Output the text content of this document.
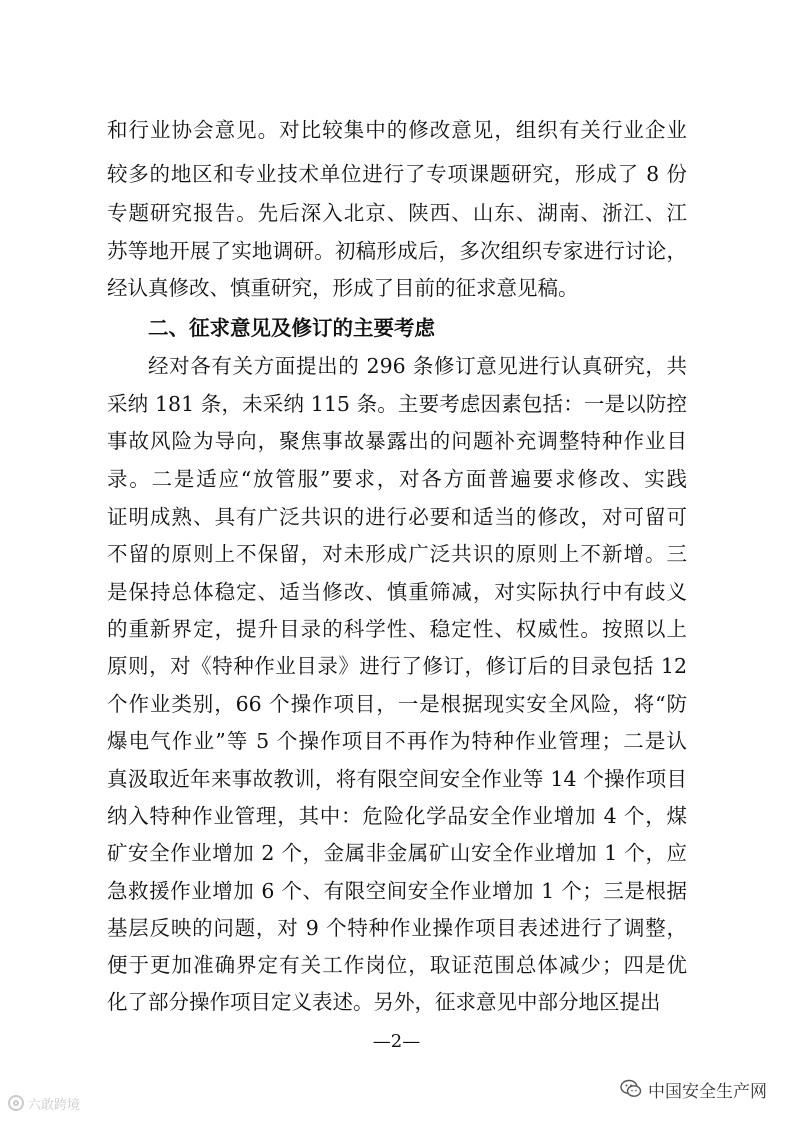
和行业协会意见。对比较集中的修改意见，组织有关行业企业
较多的地区和专业技术单位进行了专项课题研究，形成了 8 份
专题研究报告。先后深入北京、陕西、山东、湖南、浙江、江
苏等地开展了实地调研。初稿形成后，多次组织专家进行讨论，
经认真修改、慎重研究，形成了目前的征求意见稿。
二、征求意见及修订的主要考虑
经对各有关方面提出的 296 条修订意见进行认真研究，共
采纳 181 条，未采纳 115 条。主要考虑因素包括：一是以防控
事故风险为导向，聚焦事故暴露出的问题补充调整特种作业目
录。二是适应“放管服”要求，对各方面普遍要求修改、实践
证明成熟、具有广泛共识的进行必要和适当的修改，对可留可
不留的原则上不保留，对未形成广泛共识的原则上不新增。三
是保持总体稳定、适当修改、慎重筛减，对实际执行中有歧义
的重新界定，提升目录的科学性、稳定性、权威性。按照以上
原则，对《特种作业目录》进行了修订，修订后的目录包括 12
个作业类别，66 个操作项目，一是根据现实安全风险，将“防
爆电气作业”等 5 个操作项目不再作为特种作业管理；二是认
真汲取近年来事故教训，将有限空间安全作业等 14 个操作项目
纳入特种作业管理，其中：危险化学品安全作业增加 4 个，煤
矿安全作业增加 2 个，金属非金属矿山安全作业增加 1 个，应
急救援作业增加 6 个、有限空间安全作业增加 1 个；三是根据
基层反映的问题，对 9 个特种作业操作项目表述进行了调整，
便于更加准确界定有关工作岗位，取证范围总体减少；四是优
化了部分操作项目定义表述。另外，征求意见中部分地区提出
—2—
六敢跨境
中国安全生产网
